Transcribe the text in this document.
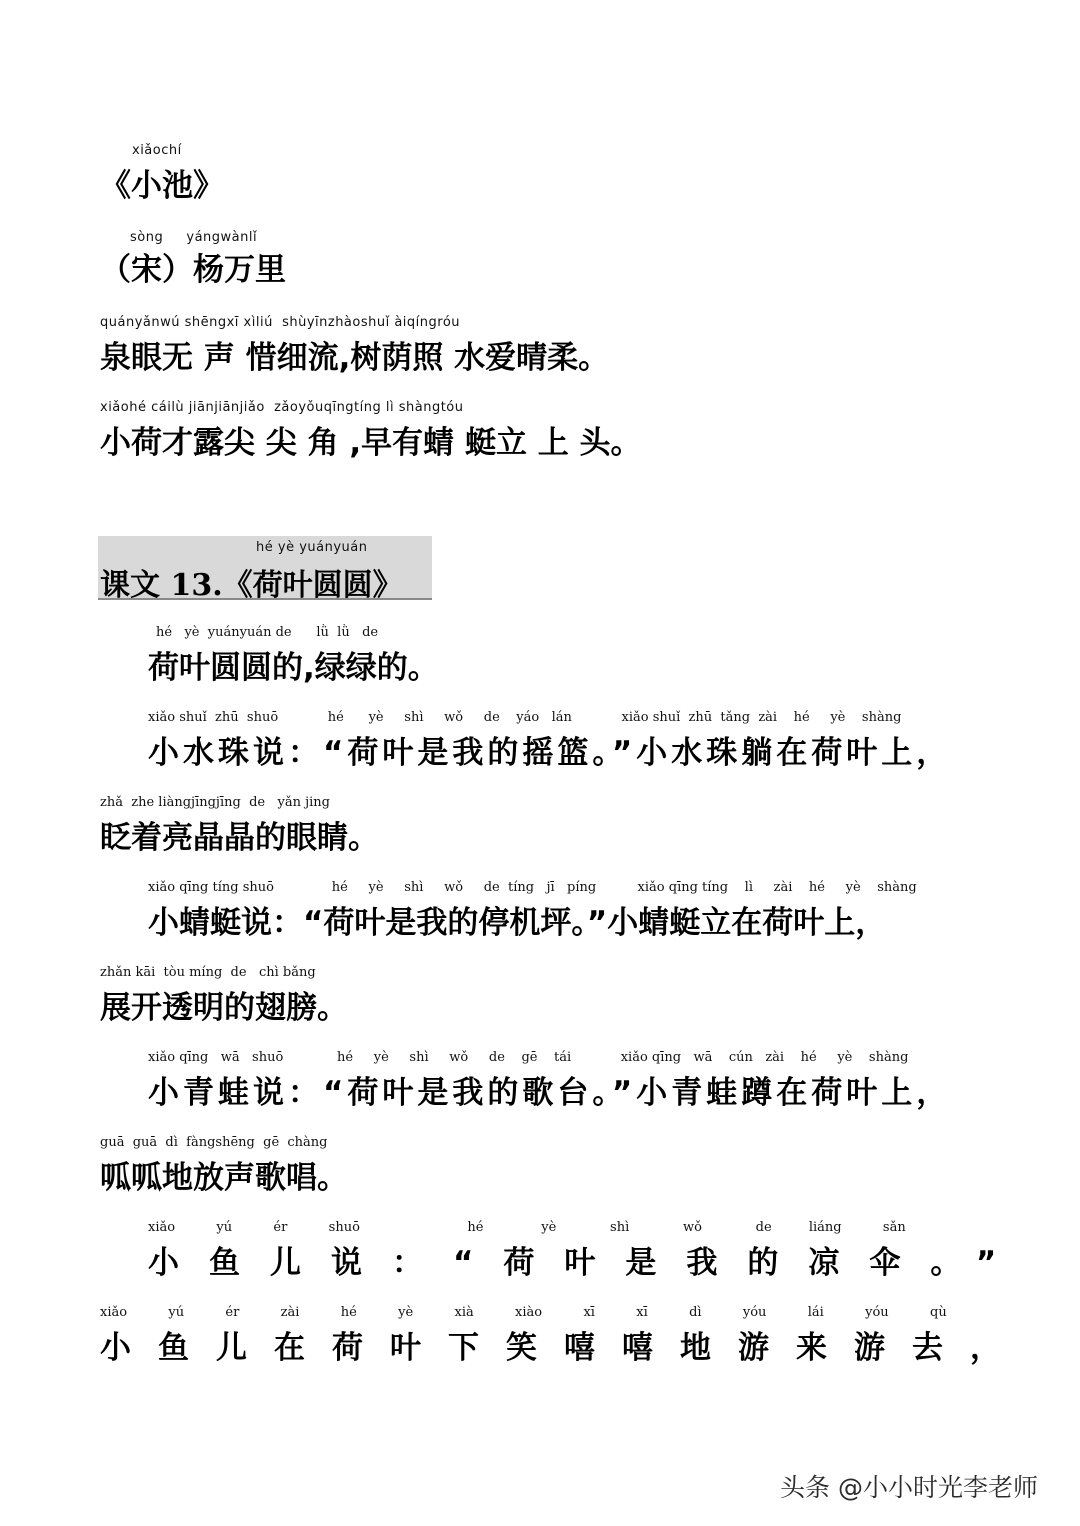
xiǎochí
《小池》
sòng     yángwànlǐ
（宋）杨万里
quányǎnwú shēngxī xìliú  shùyīnzhàoshuǐ àiqíngróu
泉眼无 声 惜细流,树荫照 水爱晴柔。
xiǎohé cáilù jiānjiānjiǎo  zǎoyǒuqīngtíng lì shàngtóu
小荷才露尖 尖 角 ,早有蜻 蜓立 上 头。
hé yè yuányuán
课文 13.《荷叶圆圆》
hé   yè  yuányuán de      lǜ  lǜ   de
荷叶圆圆的,绿绿的。
xiǎo shuǐ  zhū  shuō            hé      yè     shì     wǒ     de    yáo   lán            xiǎo shuǐ  zhū  tǎng  zài    hé     yè    shàng
小水珠说：“荷叶是我的摇篮。”小水珠躺在荷叶上，
zhǎ  zhe liàngjīngjīng  de   yǎn jing
眨着亮晶晶的眼睛。
xiǎo qīng tíng shuō              hé     yè     shì     wǒ     de  tíng   jī   píng          xiǎo qīng tíng    lì     zài    hé     yè    shàng
小蜻蜓说：“荷叶是我的停机坪。”小蜻蜓立在荷叶上，
zhǎn kāi  tòu míng  de   chì bǎng
展开透明的翅膀。
xiǎo qīng   wā   shuō             hé     yè     shì     wǒ     de    gē    tái            xiǎo qīng   wā    cún   zài    hé     yè    shàng
小青蛙说：“荷叶是我的歌台。”小青蛙蹲在荷叶上，
guā  guā  dì  fàngshēng  gē  chàng
呱呱地放声歌唱。
xiǎo          yú          ér          shuō                          hé              yè             shì             wǒ             de         liáng          sǎn
小鱼儿说：“荷叶是我的凉伞。”
xiǎo          yú          ér          zài          hé          yè          xià          xiào          xī          xī          dì          yóu          lái          yóu          qù
小鱼儿在荷叶下笑嘻嘻地游来游去，
头条 @小小时光李老师
